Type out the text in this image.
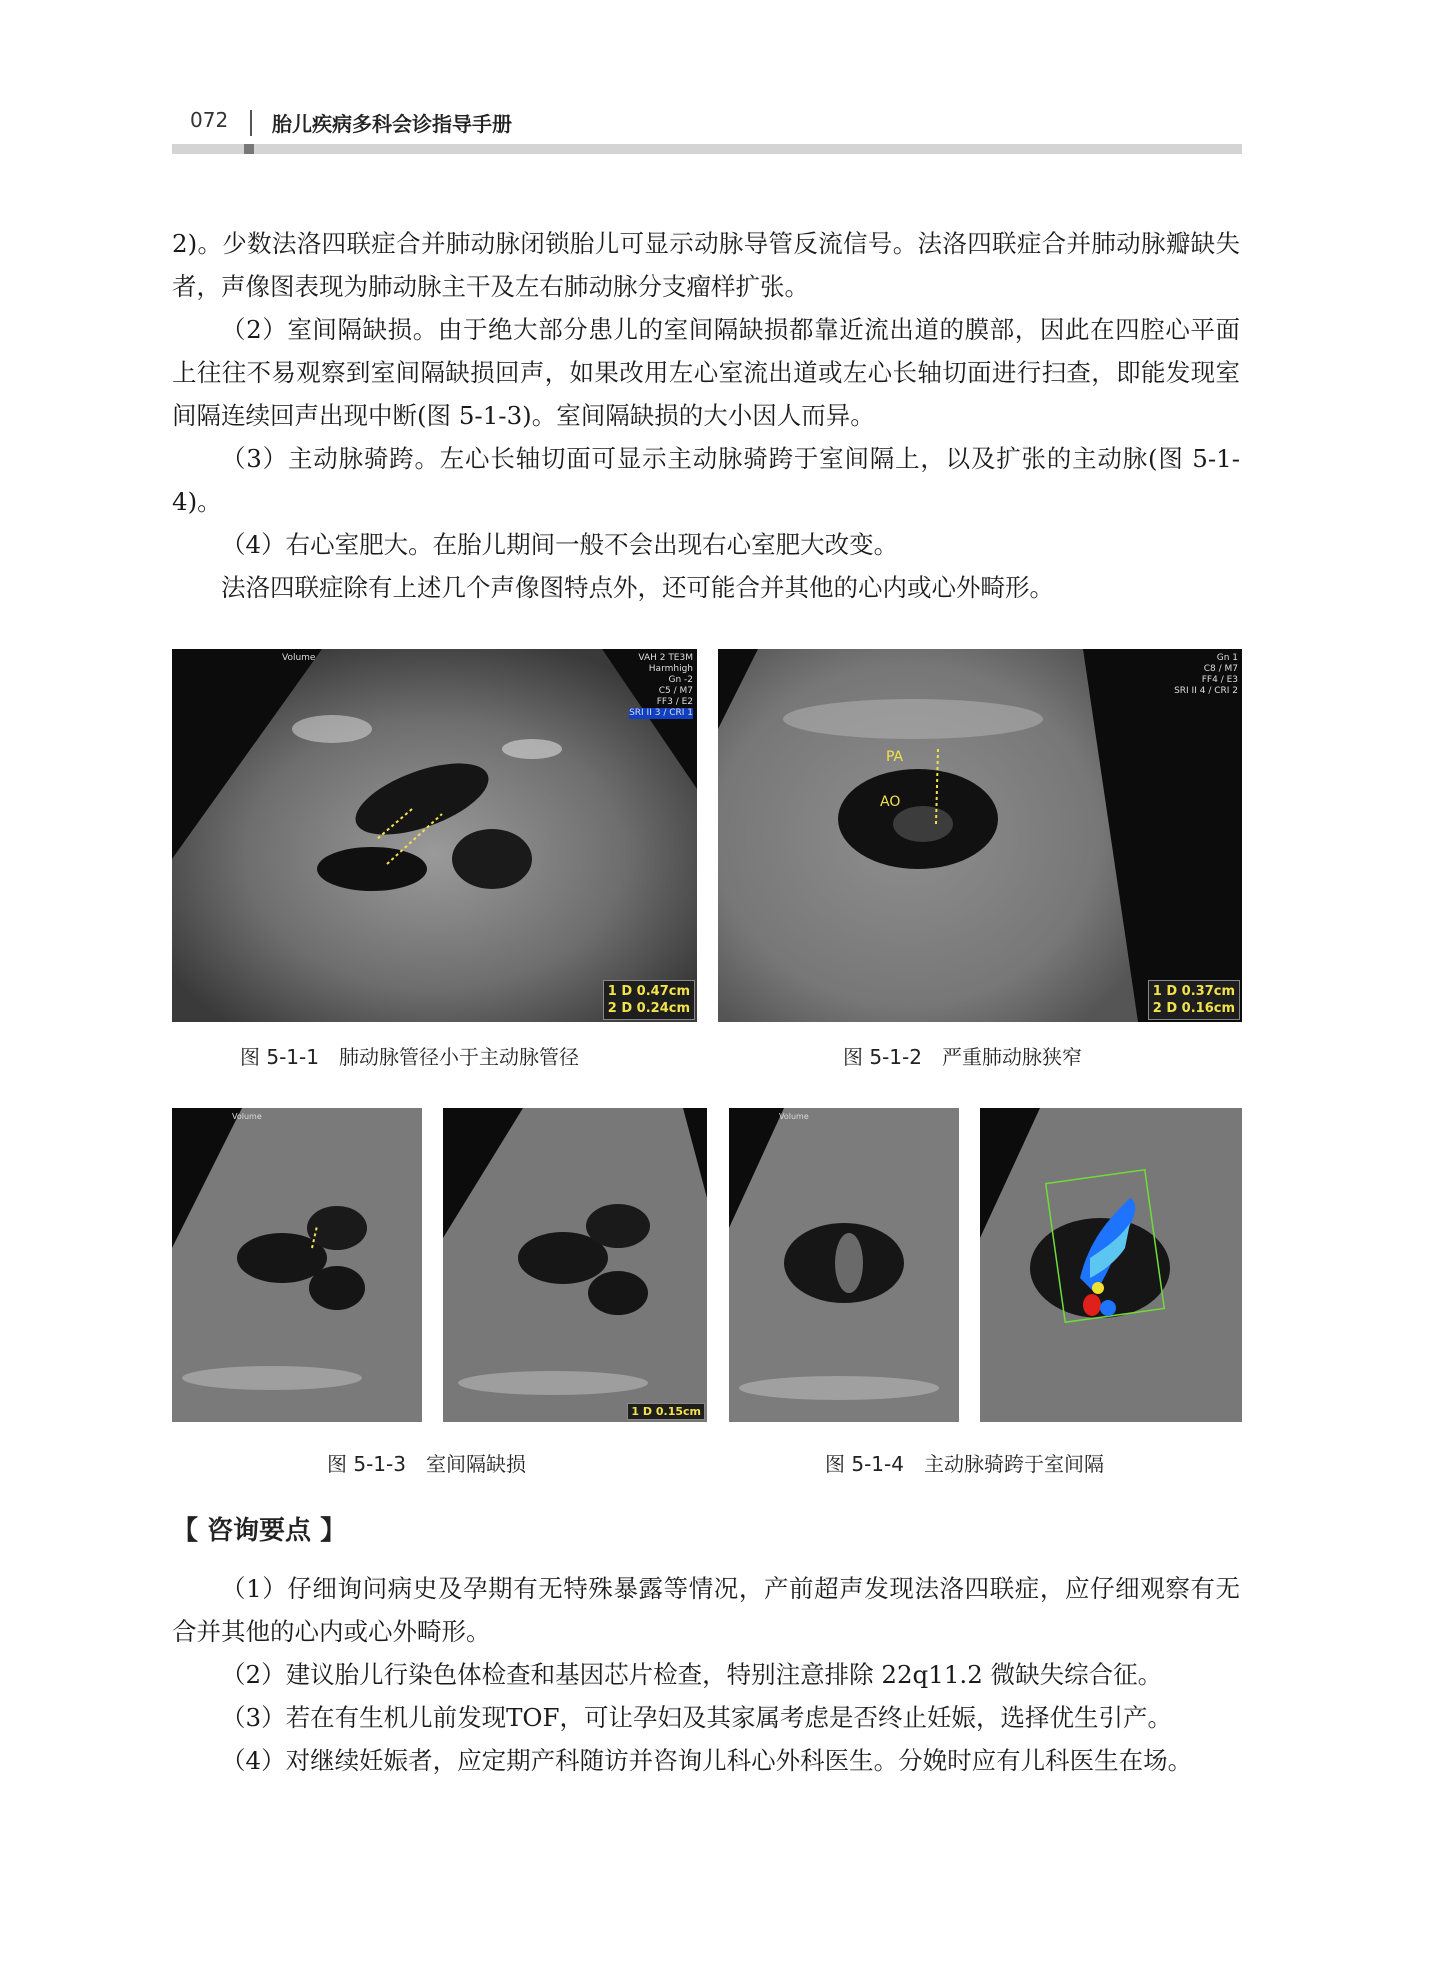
072 胎儿疾病多科会诊指导手册

2)。少数法洛四联症合并肺动脉闭锁胎儿可显示动脉导管反流信号。法洛四联症合并肺动脉瓣缺失者，声像图表现为肺动脉主干及左右肺动脉分支瘤样扩张。

（2）室间隔缺损。由于绝大部分患儿的室间隔缺损都靠近流出道的膜部，因此在四腔心平面上往往不易观察到室间隔缺损回声，如果改用左心室流出道或左心长轴切面进行扫查，即能发现室间隔连续回声出现中断(图 5-1-3)。室间隔缺损的大小因人而异。

（3）主动脉骑跨。左心长轴切面可显示主动脉骑跨于室间隔上，以及扩张的主动脉(图 5-1-4)。

（4）右心室肥大。在胎儿期间一般不会出现右心室肥大改变。

法洛四联症除有上述几个声像图特点外，还可能合并其他的心内或心外畸形。

Volume	VAH 2 TE3M
Harmhigh
Gn -2
C5 / M7
FF3 / E2
SRI II 3 / CRI 1
1 D 0.47cm
2 D 0.24cm
图 5-1-1　肺动脉管径小于主动脉管径
PA
AO
Gn 1
C8 / M7
FF4 / E3
SRI II 4 / CRI 2
1 D 0.37cm
2 D 0.16cm
图 5-1-2　严重肺动脉狭窄
Volume
1 D 0.15cm
图 5-1-3　室间隔缺损
Volume
图 5-1-4　主动脉骑跨于室间隔
【 咨询要点 】

（1）仔细询问病史及孕期有无特殊暴露等情况，产前超声发现法洛四联症，应仔细观察有无合并其他的心内或心外畸形。

（2）建议胎儿行染色体检查和基因芯片检查，特别注意排除 22q11.2 微缺失综合征。

（3）若在有生机儿前发现TOF，可让孕妇及其家属考虑是否终止妊娠，选择优生引产。

（4）对继续妊娠者，应定期产科随访并咨询儿科心外科医生。分娩时应有儿科医生在场。
